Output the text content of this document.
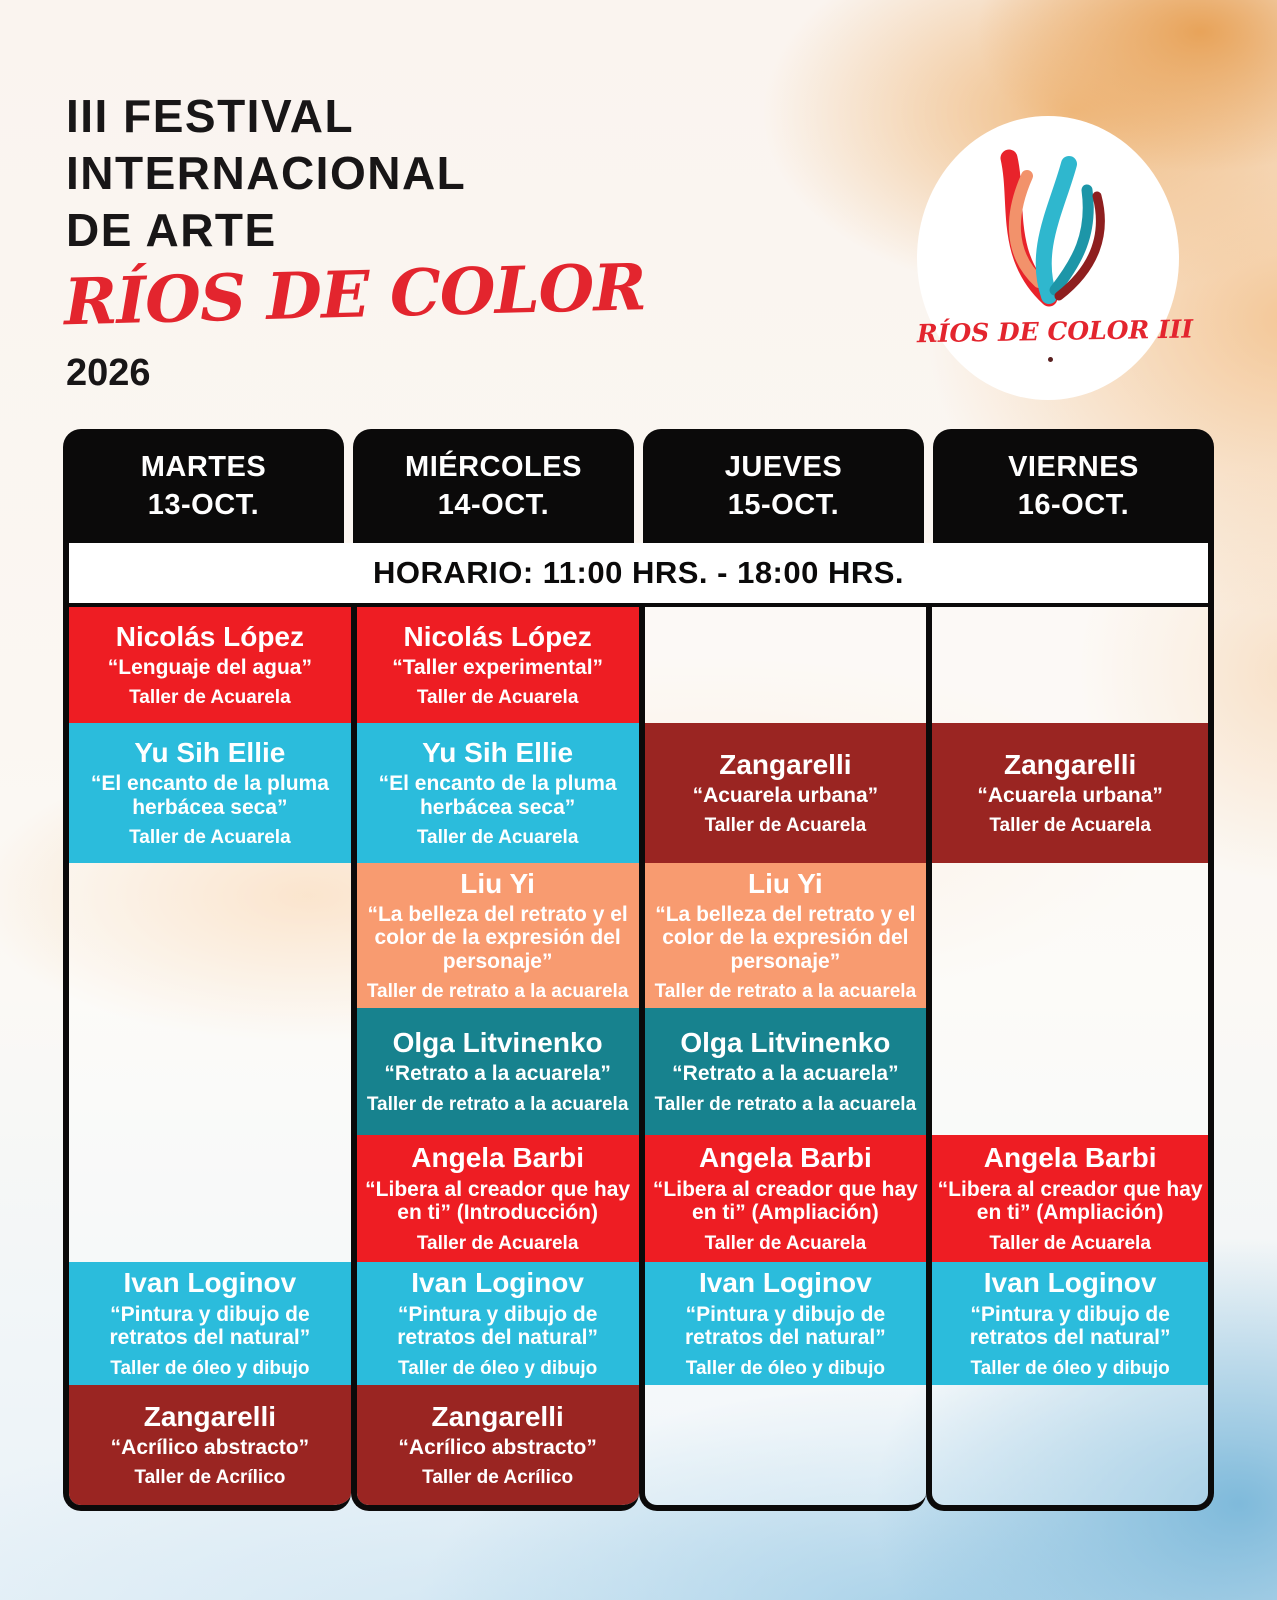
III FESTIVAL
INTERNACIONAL
DE ARTE
RÍOS DE COLOR
2026
RÍOS DE COLOR III
MARTES
13-OCT.
MIÉRCOLES
14-OCT.
JUEVES
15-OCT.
VIERNES
16-OCT.
HORARIO: 11:00 HRS. - 18:00 HRS.
Nicolás López
“Lenguaje del agua”
Taller de Acuarela
Yu Sih Ellie
“El encanto de la pluma herbácea seca”
Taller de Acuarela
Ivan Loginov
“Pintura y dibujo de retratos del natural”
Taller de óleo y dibujo
Zangarelli
“Acrílico abstracto”
Taller de Acrílico
Nicolás López
“Taller experimental”
Taller de Acuarela
Yu Sih Ellie
“El encanto de la pluma herbácea seca”
Taller de Acuarela
Liu Yi
“La belleza del retrato y el color de la expresión del personaje”
Taller de retrato a la acuarela
Olga Litvinenko
“Retrato a la acuarela”
Taller de retrato a la acuarela
Angela Barbi
“Libera al creador que hay en ti” (Introducción)
Taller de Acuarela
Ivan Loginov
“Pintura y dibujo de retratos del natural”
Taller de óleo y dibujo
Zangarelli
“Acrílico abstracto”
Taller de Acrílico
Zangarelli
“Acuarela urbana”
Taller de Acuarela
Liu Yi
“La belleza del retrato y el color de la expresión del personaje”
Taller de retrato a la acuarela
Olga Litvinenko
“Retrato a la acuarela”
Taller de retrato a la acuarela
Angela Barbi
“Libera al creador que hay en ti” (Ampliación)
Taller de Acuarela
Ivan Loginov
“Pintura y dibujo de retratos del natural”
Taller de óleo y dibujo
Zangarelli
“Acuarela urbana”
Taller de Acuarela
Angela Barbi
“Libera al creador que hay en ti” (Ampliación)
Taller de Acuarela
Ivan Loginov
“Pintura y dibujo de retratos del natural”
Taller de óleo y dibujo
